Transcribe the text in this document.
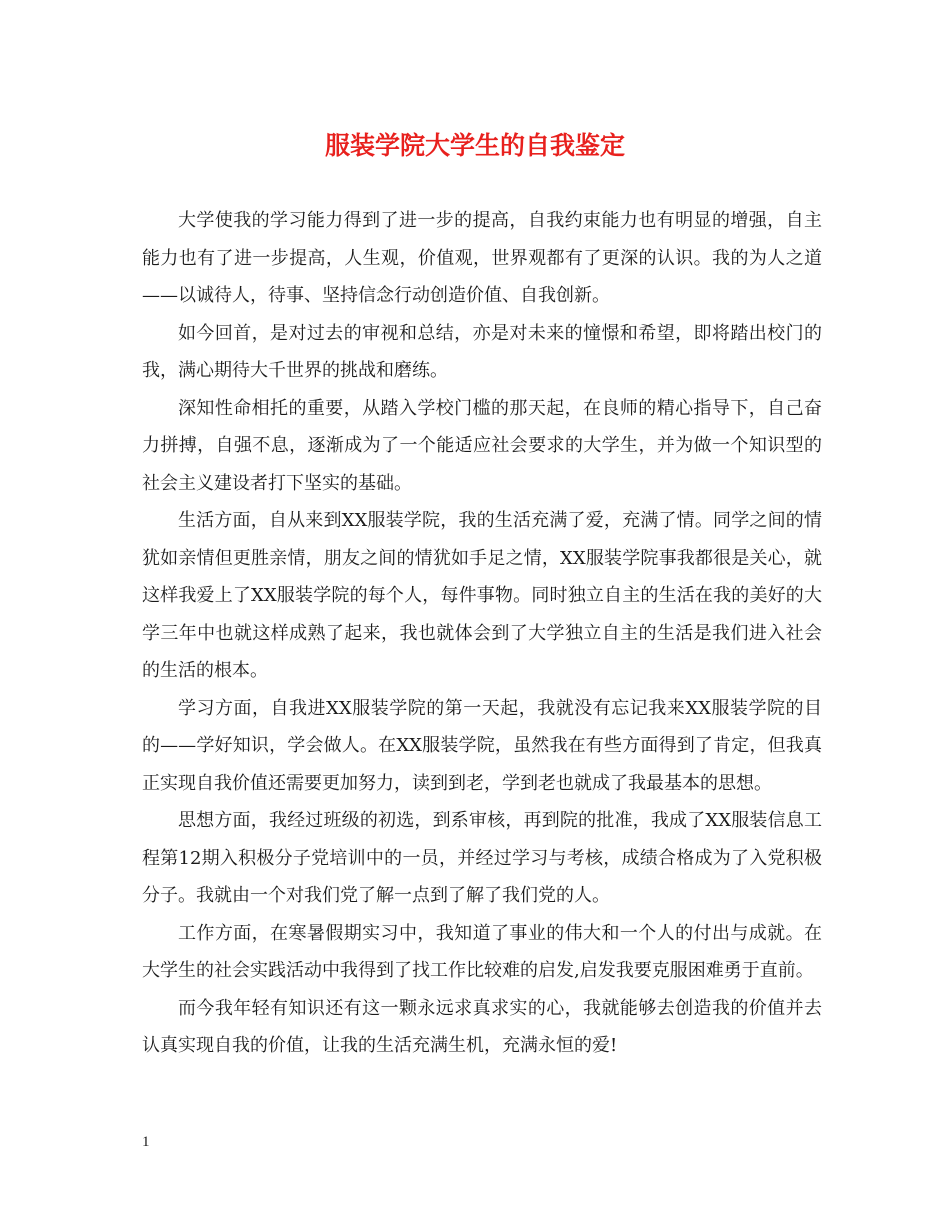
服装学院大学生的自我鉴定

大学使我的学习能力得到了进一步的提高，自我约束能力也有明显的增强，自主能力也有了进一步提高，人生观，价值观，世界观都有了更深的认识。我的为人之道——以诚待人，待事、坚持信念行动创造价值、自我创新。

如今回首，是对过去的审视和总结，亦是对未来的憧憬和希望，即将踏出校门的我，满心期待大千世界的挑战和磨练。

深知性命相托的重要，从踏入学校门槛的那天起，在良师的精心指导下，自己奋力拼搏，自强不息，逐渐成为了一个能适应社会要求的大学生，并为做一个知识型的社会主义建设者打下坚实的基础。

生活方面，自从来到XX服装学院，我的生活充满了爱，充满了情。同学之间的情犹如亲情但更胜亲情，朋友之间的情犹如手足之情，XX服装学院事我都很是关心，就这样我爱上了XX服装学院的每个人，每件事物。同时独立自主的生活在我的美好的大学三年中也就这样成熟了起来，我也就体会到了大学独立自主的生活是我们进入社会的生活的根本。

学习方面，自我进XX服装学院的第一天起，我就没有忘记我来XX服装学院的目的——学好知识，学会做人。在XX服装学院，虽然我在有些方面得到了肯定，但我真正实现自我价值还需要更加努力，读到到老，学到老也就成了我最基本的思想。

思想方面，我经过班级的初选，到系审核，再到院的批准，我成了XX服装信息工程第12期入积极分子党培训中的一员，并经过学习与考核，成绩合格成为了入党积极分子。我就由一个对我们党了解一点到了解了我们党的人。

工作方面，在寒暑假期实习中，我知道了事业的伟大和一个人的付出与成就。在大学生的社会实践活动中我得到了找工作比较难的启发,启发我要克服困难勇于直前。

而今我年轻有知识还有这一颗永远求真求实的心，我就能够去创造我的价值并去认真实现自我的价值，让我的生活充满生机，充满永恒的爱!

1
